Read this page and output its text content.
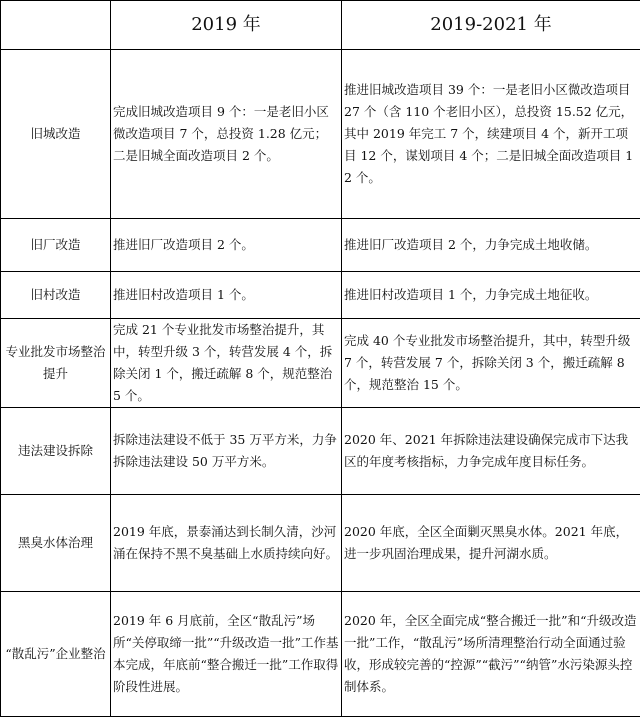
	2019 年	2019-2021 年
旧城改造	完成旧城改造项目 9 个：一是老旧小区微改造项目 7 个，总投资 1.28 亿元；二是旧城全面改造项目 2 个。	推进旧城改造项目 39 个：一是老旧小区微改造项目 27 个（含 110 个老旧小区），总投资 15.52 亿元，其中 2019 年完工 7 个，续建项目 4 个，新开工项目 12 个，谋划项目 4 个；二是旧城全面改造项目 12 个。
旧厂改造	推进旧厂改造项目 2 个。	推进旧厂改造项目 2 个，力争完成土地收储。
旧村改造	推进旧村改造项目 1 个。	推进旧村改造项目 1 个，力争完成土地征收。
专业批发市场整治提升	完成 21 个专业批发市场整治提升，其中，转型升级 3 个，转营发展 4 个，拆除关闭 1 个，搬迁疏解 8 个，规范整治 5 个。	完成 40 个专业批发市场整治提升，其中，转型升级 7 个，转营发展 7 个，拆除关闭 3 个，搬迁疏解 8 个，规范整治 15 个。
违法建设拆除	拆除违法建设不低于 35 万平方米，力争拆除违法建设 50 万平方米。	2020 年、2021 年拆除违法建设确保完成市下达我区的年度考核指标，力争完成年度目标任务。
黑臭水体治理	2019 年底，景泰涌达到长制久清，沙河涌在保持不黑不臭基础上水质持续向好。	2020 年底，全区全面剿灭黑臭水体。2021 年底，进一步巩固治理成果，提升河湖水质。
“散乱污”企业整治	2019 年 6 月底前，全区“散乱污”场所“关停取缔一批”“升级改造一批”工作基本完成，年底前“整合搬迁一批”工作取得阶段性进展。	2020 年，全区全面完成“整合搬迁一批”和“升级改造一批”工作，“散乱污”场所清理整治行动全面通过验收，形成较完善的“控源”“截污”“纳管”水污染源头控制体系。
